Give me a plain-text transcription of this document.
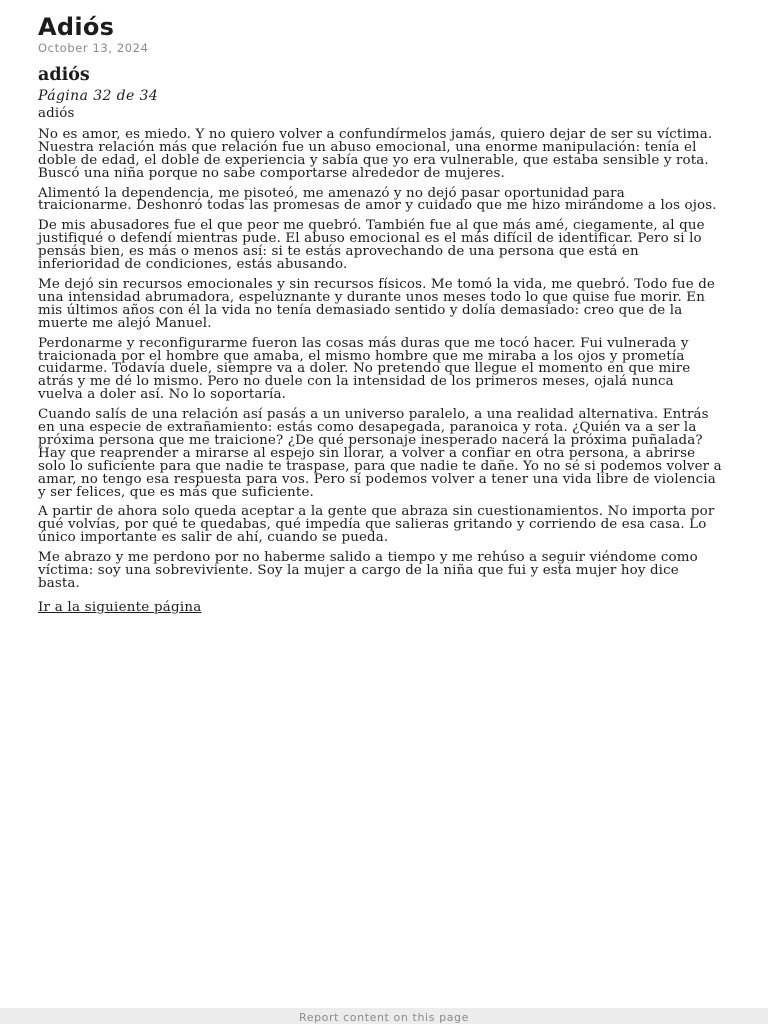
Adiós
October 13, 2024
adiós
Página 32 de 34
adiós

No es amor, es miedo. Y no quiero volver a confundírmelos jamás, quiero dejar de ser su víctima. Nuestra relación más que relación fue un abuso emocional, una enorme manipulación: tenía el doble de edad, el doble de experiencia y sabía que yo era vulnerable, que estaba sensible y rota. Buscó una niña porque no sabe comportarse alrededor de mujeres.

Alimentó la dependencia, me pisoteó, me amenazó y no dejó pasar oportunidad para traicionarme. Deshonró todas las promesas de amor y cuidado que me hizo mirándome a los ojos.

De mis abusadores fue el que peor me quebró. También fue al que más amé, ciegamente, al que justifiqué o defendí mientras pude. El abuso emocional es el más difícil de identificar. Pero si lo pensás bien, es más o menos así: si te estás aprovechando de una persona que está en inferioridad de condiciones, estás abusando.

Me dejó sin recursos emocionales y sin recursos físicos. Me tomó la vida, me quebró. Todo fue de una intensidad abrumadora, espeluznante y durante unos meses todo lo que quise fue morir. En mis últimos años con él la vida no tenía demasiado sentido y dolía demasiado: creo que de la muerte me alejó Manuel.

Perdonarme y reconfigurarme fueron las cosas más duras que me tocó hacer. Fui vulnerada y traicionada por el hombre que amaba, el mismo hombre que me miraba a los ojos y prometía cuidarme. Todavía duele, siempre va a doler. No pretendo que llegue el momento en que mire atrás y me dé lo mismo. Pero no duele con la intensidad de los primeros meses, ojalá nunca vuelva a doler así. No lo soportaría.

Cuando salís de una relación así pasás a un universo paralelo, a una realidad alternativa. Entrás en una especie de extrañamiento: estás como desapegada, paranoica y rota. ¿Quién va a ser la próxima persona que me traicione? ¿De qué personaje inesperado nacerá la próxima puñalada? Hay que reaprender a mirarse al espejo sin llorar, a volver a confiar en otra persona, a abrirse solo lo suficiente para que nadie te traspase, para que nadie te dañe. Yo no sé si podemos volver a amar, no tengo esa respuesta para vos. Pero sí podemos volver a tener una vida libre de violencia y ser felices, que es más que suficiente.

A partir de ahora solo queda aceptar a la gente que abraza sin cuestionamientos. No importa por qué volvías, por qué te quedabas, qué impedía que salieras gritando y corriendo de esa casa. Lo único importante es salir de ahí, cuando se pueda.

Me abrazo y me perdono por no haberme salido a tiempo y me rehúso a seguir viéndome como víctima: soy una sobreviviente. Soy la mujer a cargo de la niña que fui y esta mujer hoy dice basta.

Ir a la siguiente página
Report content on this page
